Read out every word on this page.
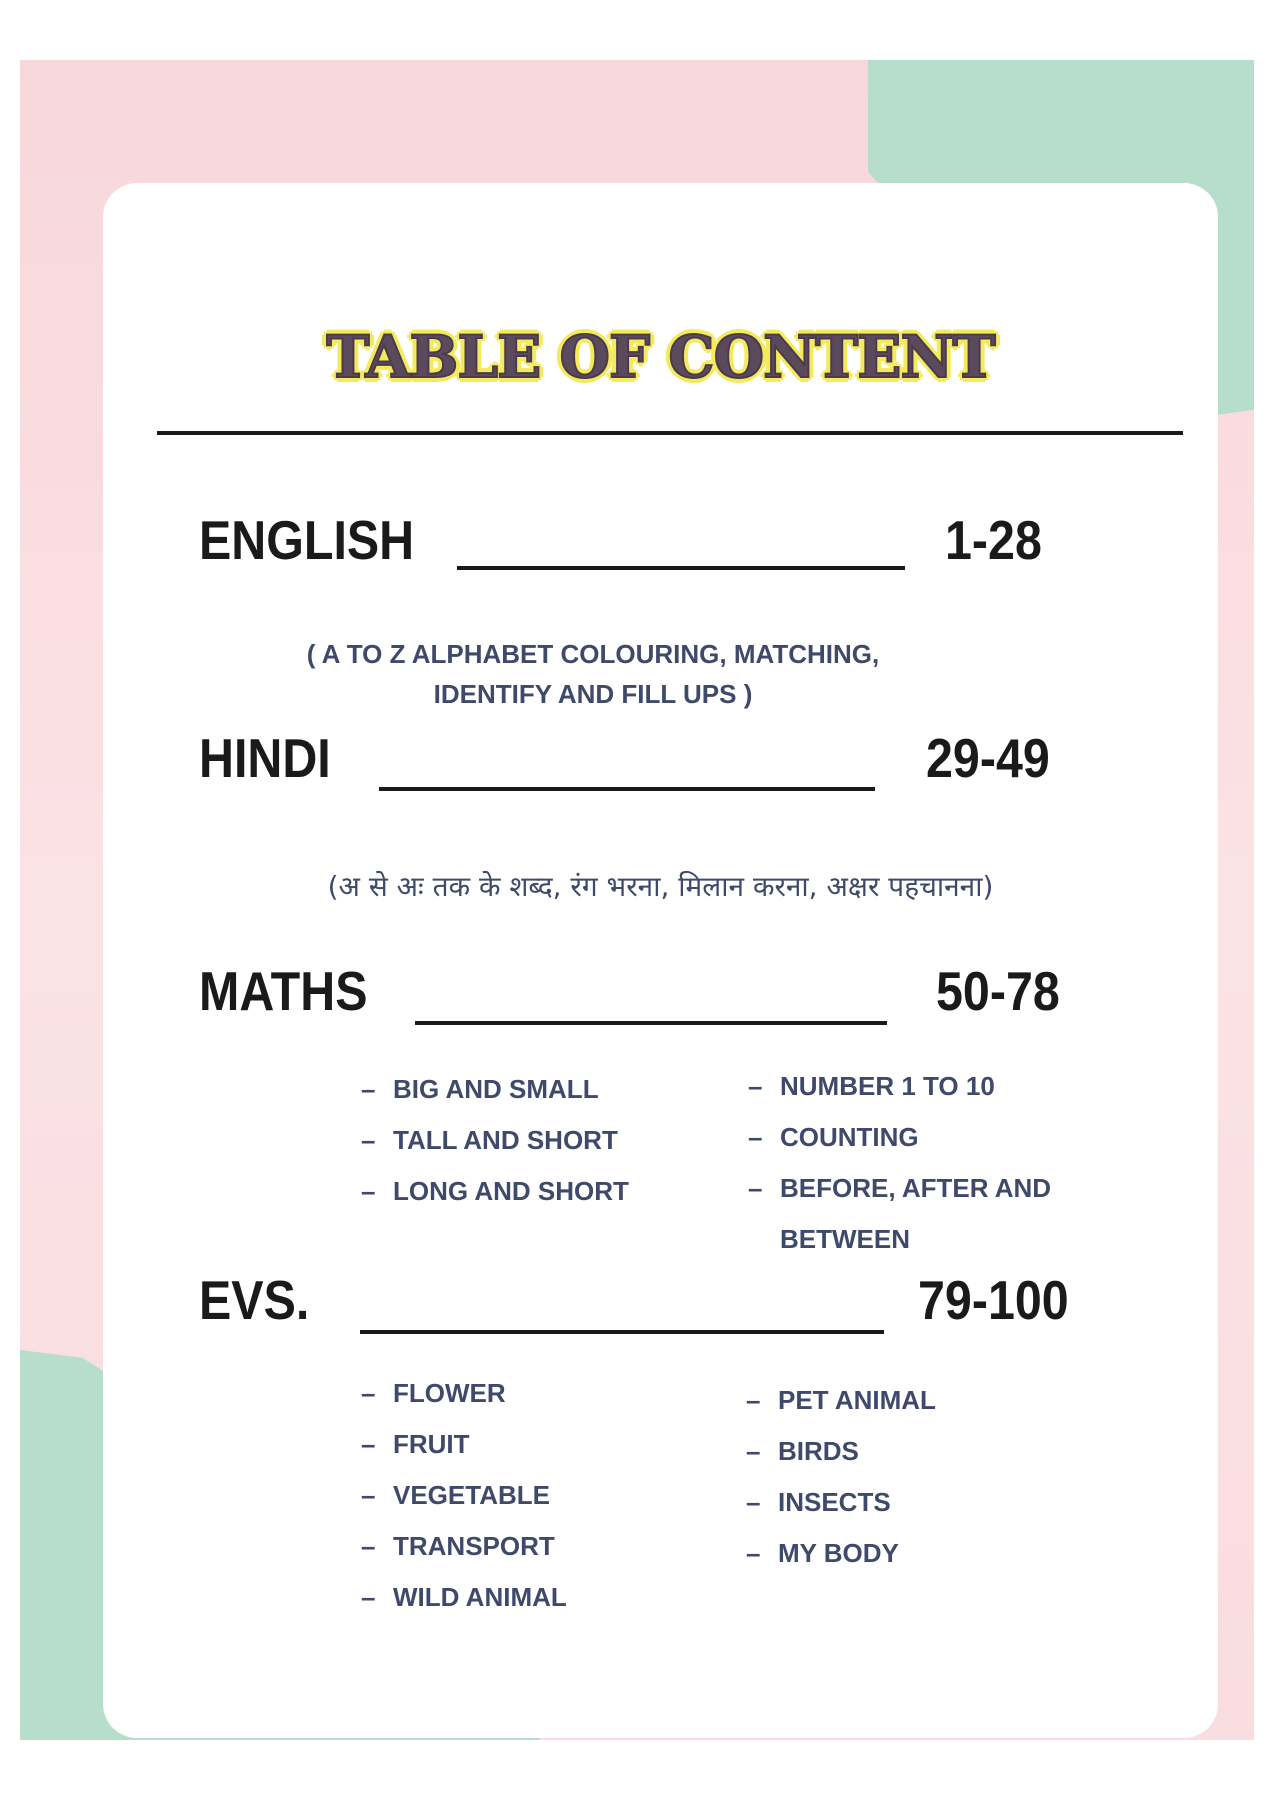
TABLE OF CONTENT
ENGLISH	1-28
( A TO Z ALPHABET COLOURING, MATCHING,
IDENTIFY AND FILL UPS )
HINDI	29-49
(अ से अः तक के शब्द, रंग भरना, मिलान करना, अक्षर पहचानना)
MATHS	50-78
– BIG AND SMALL
– TALL AND SHORT
– LONG AND SHORT
– NUMBER 1 TO 10
– COUNTING
– BEFORE, AFTER AND
BETWEEN
EVS.	79-100
– FLOWER
– FRUIT
– VEGETABLE
– TRANSPORT
– WILD ANIMAL
– PET ANIMAL
– BIRDS
– INSECTS
– MY BODY
